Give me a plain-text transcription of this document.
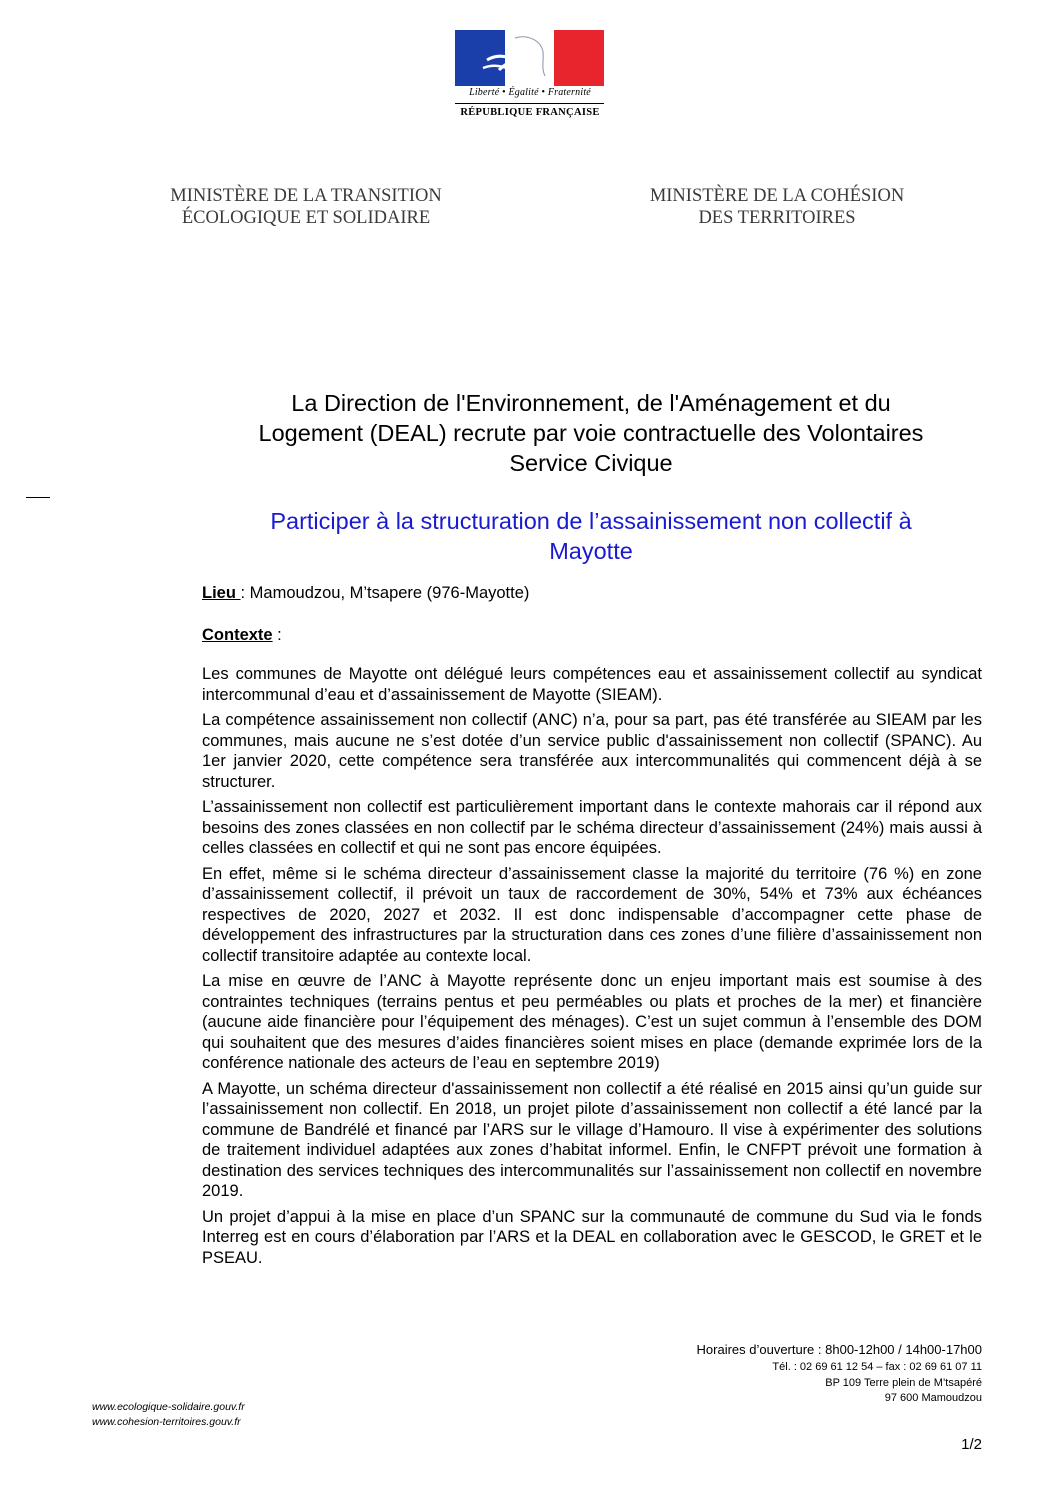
Liberté • Égalité • Fraternité
RÉPUBLIQUE FRANÇAISE
MINISTÈRE DE LA TRANSITION
ÉCOLOGIQUE ET SOLIDAIRE
MINISTÈRE DE LA COHÉSION
DES TERRITOIRES
La Direction de l'Environnement, de l'Aménagement et du
Logement (DEAL) recrute par voie contractuelle des Volontaires
Service Civique
Participer à la structuration de l’assainissement non collectif à
Mayotte
Lieu : Mamoudzou, M’tsapere (976-Mayotte)
Contexte :

Les communes de Mayotte ont délégué leurs compétences eau et assainissement collectif au syndicat intercommunal d’eau et d’assainissement de Mayotte (SIEAM).

La compétence assainissement non collectif (ANC) n’a, pour sa part, pas été transférée au SIEAM par les communes, mais aucune ne s’est dotée d’un service public d'assainissement non collectif (SPANC). Au 1er janvier 2020, cette compétence sera transférée aux intercommunalités qui commencent déjà à se structurer.

L’assainissement non collectif est particulièrement important dans le contexte mahorais car il répond aux besoins des zones classées en non collectif par le schéma directeur d’assainissement (24%) mais aussi à celles classées en collectif et qui ne sont pas encore équipées.

En effet, même si le schéma directeur d’assainissement classe la majorité du territoire (76 %) en zone d’assainissement collectif, il prévoit un taux de raccordement de 30%, 54% et 73% aux échéances respectives de 2020, 2027 et 2032. Il est donc indispensable d’accompagner cette phase de développement des infrastructures par la structuration dans ces zones d’une filière d’assainissement non collectif transitoire adaptée au contexte local.

La mise en œuvre de l’ANC à Mayotte représente donc un enjeu important mais est soumise à des contraintes techniques (terrains pentus et peu perméables ou plats et proches de la mer) et financière (aucune aide financière pour l’équipement des ménages). C’est un sujet commun à l’ensemble des DOM qui souhaitent que des mesures d’aides financières soient mises en place (demande exprimée lors de la conférence nationale des acteurs de l’eau en septembre 2019)

A Mayotte, un schéma directeur d'assainissement non collectif a été réalisé en 2015 ainsi qu’un guide sur l’assainissement non collectif. En 2018, un projet pilote d’assainissement non collectif a été lancé par la commune de Bandrélé et financé par l’ARS sur le village d’Hamouro. Il vise à expérimenter des solutions de traitement individuel adaptées aux zones d’habitat informel. Enfin, le CNFPT prévoit une formation à destination des services techniques des intercommunalités sur l’assainissement non collectif en novembre 2019.

Un projet d’appui à la mise en place d’un SPANC sur la communauté de commune du Sud via le fonds Interreg est en cours d’élaboration par l’ARS et la DEAL en collaboration avec le GESCOD, le GRET et le PSEAU.

Horaires d’ouverture : 8h00-12h00 / 14h00-17h00
Tél. : 02 69 61 12 54 – fax : 02 69 61 07 11
BP 109 Terre plein de M’tsapéré
97 600 Mamoudzou
www.ecologique-solidaire.gouv.fr
www.cohesion-territoires.gouv.fr
1/2
